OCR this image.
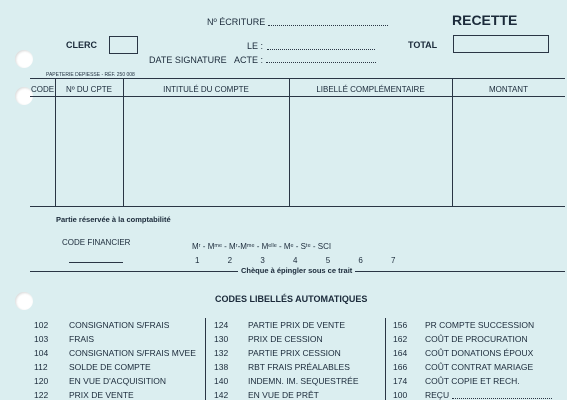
Nº ÉCRITURE	RECETTE
CLERC	LE :	TOTAL
DATE SIGNATURE ACTE :
PAPETERIE DEPIESSE - RÉF. 250 008
CODE	Nº DU CPTE	INTITULÉ DU COMPTE	LIBELLÉ COMPLÉMENTAIRE	MONTANT
Partie réservée à la comptabilité
CODE FINANCIER	Mʳ - Mᵐᵉ - Mʳ-Mᵐᵉ - Mᵉˡˡᵉ - Mᵉ - Sᵗᵉ - SCI
1 2 3 4 5 6 7
Chèque à épingler sous ce trait
CODES LIBELLÉS AUTOMATIQUES
102 CONSIGNATION S/FRAIS
103 FRAIS
104 CONSIGNATION S/FRAIS MVEE
112	SOLDE DE COMPTE
120 EN VUE D'ACQUISITION
122 PRIX DE VENTE
124 PARTIE PRIX DE VENTE
130 PRIX DE CESSION
132 PARTIE PRIX CESSION
138 RBT FRAIS PRÉALABLES
140 INDEMN. IM. SEQUESTRÉE
142 EN VUE DE PRÊT
156 PR COMPTE SUCCESSION
162 COÛT DE PROCURATION
164 COÛT DONATIONS ÉPOUX
166 COÛT CONTRAT MARIAGE
174 COÛT COPIE ET RECH.
100 REÇU
